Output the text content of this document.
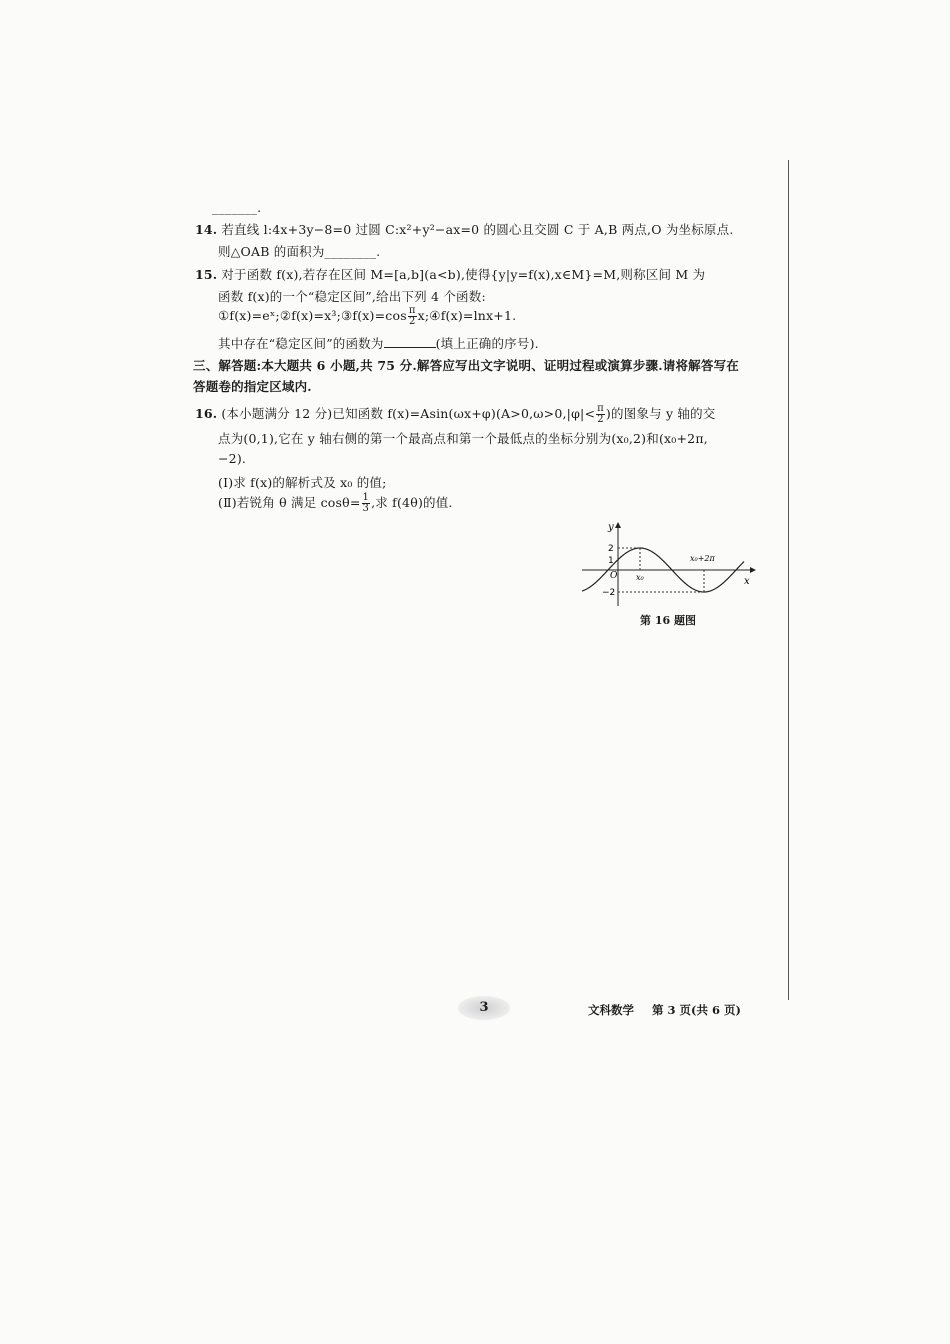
_______.
14. 若直线 l:4x+3y−8=0 过圆 C:x²+y²−ax=0 的圆心且交圆 C 于 A,B 两点,O 为坐标原点.
则△OAB 的面积为________.
15. 对于函数 f(x),若存在区间 M=[a,b](a<b),使得{y|y=f(x),x∈M}=M,则称区间 M 为
函数 f(x)的一个“稳定区间”,给出下列 4 个函数:
①f(x)=eˣ;②f(x)=x³;③f(x)=cos $\frac{\pi}{2}$ x;④f(x)=lnx+1.
其中存在“稳定区间”的函数为	(填上正确的序号).
三、解答题:本大题共 6 小题,共 75 分.解答应写出文字说明、证明过程或演算步骤.请将解答写在
答题卷的指定区域内.
16. (本小题满分 12 分)已知函数 $f(x)=Asin(\omega x+\varphi)(A>0,\omega>0,|\varphi|< \frac{\pi}{2}$ )的图象与 y 轴的交
点为(0,1),它在 y 轴右侧的第一个最高点和第一个最低点的坐标分别为(x₀,2)和(x₀+2π,
−2).
(Ⅰ)求 f(x)的解析式及 x₀ 的值;
(Ⅱ)若锐角 θ 满足 $\cos\theta= \frac{1}{3}$ ,求 f(4θ)的值.
y
x
2
1
−2
O x₀
x₀+2π
第 16 题图
3	文科数学 第 3 页(共 6 页)
